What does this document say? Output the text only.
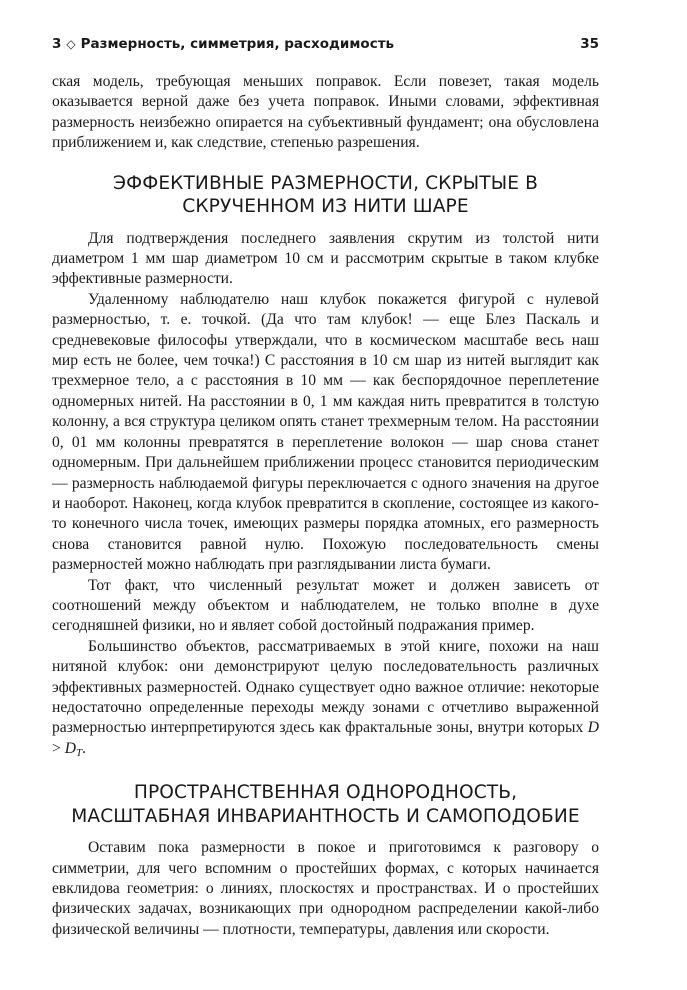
3 ◇ Размерность, симметрия, расходимость	35

ская модель, требующая меньших поправок. Если повезет, такая модель оказывается верной даже без учета поправок. Иными словами, эффективная размерность неизбежно опирается на субъективный фундамент; она обусловлена приближением и, как следствие, степенью разрешения.

ЭФФЕКТИВНЫЕ РАЗМЕРНОСТИ, СКРЫТЫЕ В
СКРУЧЕННОМ ИЗ НИТИ ШАРЕ

Для подтверждения последнего заявления скрутим из толстой нити диаметром 1 мм шар диаметром 10 см и рассмотрим скрытые в таком клубке эффективные размерности.

Удаленному наблюдателю наш клубок покажется фигурой с нулевой размерностью, т. е. точкой. (Да что там клубок! — еще Блез Паскаль и средневековые философы утверждали, что в космическом масштабе весь наш мир есть не более, чем точка!) С расстояния в 10 см шар из нитей выглядит как трехмерное тело, а с расстояния в 10 мм — как беспорядочное переплетение одномерных нитей. На расстоянии в 0, 1 мм каждая нить превратится в толстую колонну, а вся структура целиком опять станет трехмерным телом. На расстоянии 0, 01 мм колонны превратятся в переплетение волокон — шар снова станет одномерным. При дальнейшем приближении процесс становится периодическим — размерность наблюдаемой фигуры переключается с одного значения на другое и наоборот. Наконец, когда клубок превратится в скопление, состоящее из какого-то конечного числа точек, имеющих размеры порядка атомных, его размерность снова становится равной нулю. Похожую последовательность смены размерностей можно наблюдать при разглядывании листа бумаги.

Тот факт, что численный результат может и должен зависеть от соотношений между объектом и наблюдателем, не только вполне в духе сегодняшней физики, но и являет собой достойный подражания пример.

Большинство объектов, рассматриваемых в этой книге, похожи на наш нитяной клубок: они демонстрируют целую последовательность различных эффективных размерностей. Однако существует одно важное отличие: некоторые недостаточно определенные переходы между зонами с отчетливо выраженной размерностью интерпретируются здесь как фрактальные зоны, внутри которых $D > D_T$.

ПРОСТРАНСТВЕННАЯ ОДНОРОДНОСТЬ,
МАСШТАБНАЯ ИНВАРИАНТНОСТЬ И САМОПОДОБИЕ

Оставим пока размерности в покое и приготовимся к разговору о симметрии, для чего вспомним о простейших формах, с которых начинается евклидова геометрия: о линиях, плоскостях и пространствах. И о простейших физических задачах, возникающих при однородном распределении какой-либо физической величины — плотности, температуры, давления или скорости.
